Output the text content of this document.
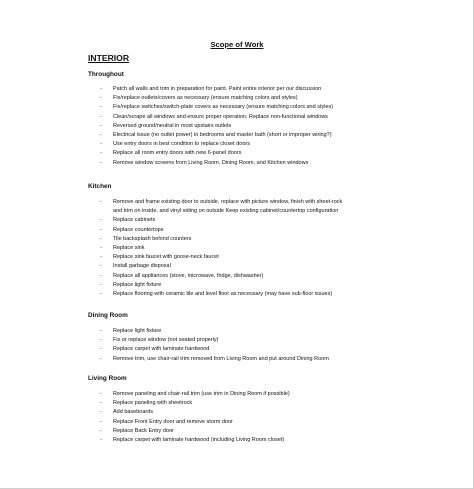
Scope of Work
INTERIOR
Throughout
- Patch all walls and trim in preparation for paint. Paint entire interior per our discussion
- Fix/replace outlets/covers as necessary (ensure matching colors and styles)
- Fix/replace switches/switch-plate covers as necessary (ensure matching colors and styles)
- Clean/scrape all windows and ensure proper operation. Replace non-functional windows
- Reversed ground/neutral in most upstairs outlets
- Electrical issue (no outlet power) in bedrooms and master bath (short or improper wiring?)
- Use entry doors in best condition to replace closet doors
- Replace all room entry doors with new 6-panel doors
- Remove window screens from Living Room, Dining Room, and Kitchen windows
Kitchen
- Remove and frame existing door to outside, replace with picture window, finish with sheet-rock
and trim on inside, and vinyl siding on outside Keep existing cabinet/countertop configuration
- Replace cabinets
- Replace countertops
- Tile backsplash behind counters
- Replace sink
- Replace sink faucet with goose-neck faucet
- Install garbage disposal
- Replace all appliances (stove, microwave, fridge, dishwasher)
- Replace light fixture
- Replace flooring with ceramic tile and level floor as necessary (may have sub-floor issues)
Dining Room
- Replace light fixture
- Fix or replace window (not seated properly)
- Replace carpet with laminate hardwood
- Remove trim, use chair-rail trim removed from Living Room and put around Dining Room
Living Room
- Remove paneling and chair-rail trim (use trim in Dining Room if possible)
- Replace paneling with sheetrock
- Add baseboards
- Replace Front Entry door and remove storm door
- Replace Back Entry door
- Replace carpet with laminate hardwood (including Living Room closet)
